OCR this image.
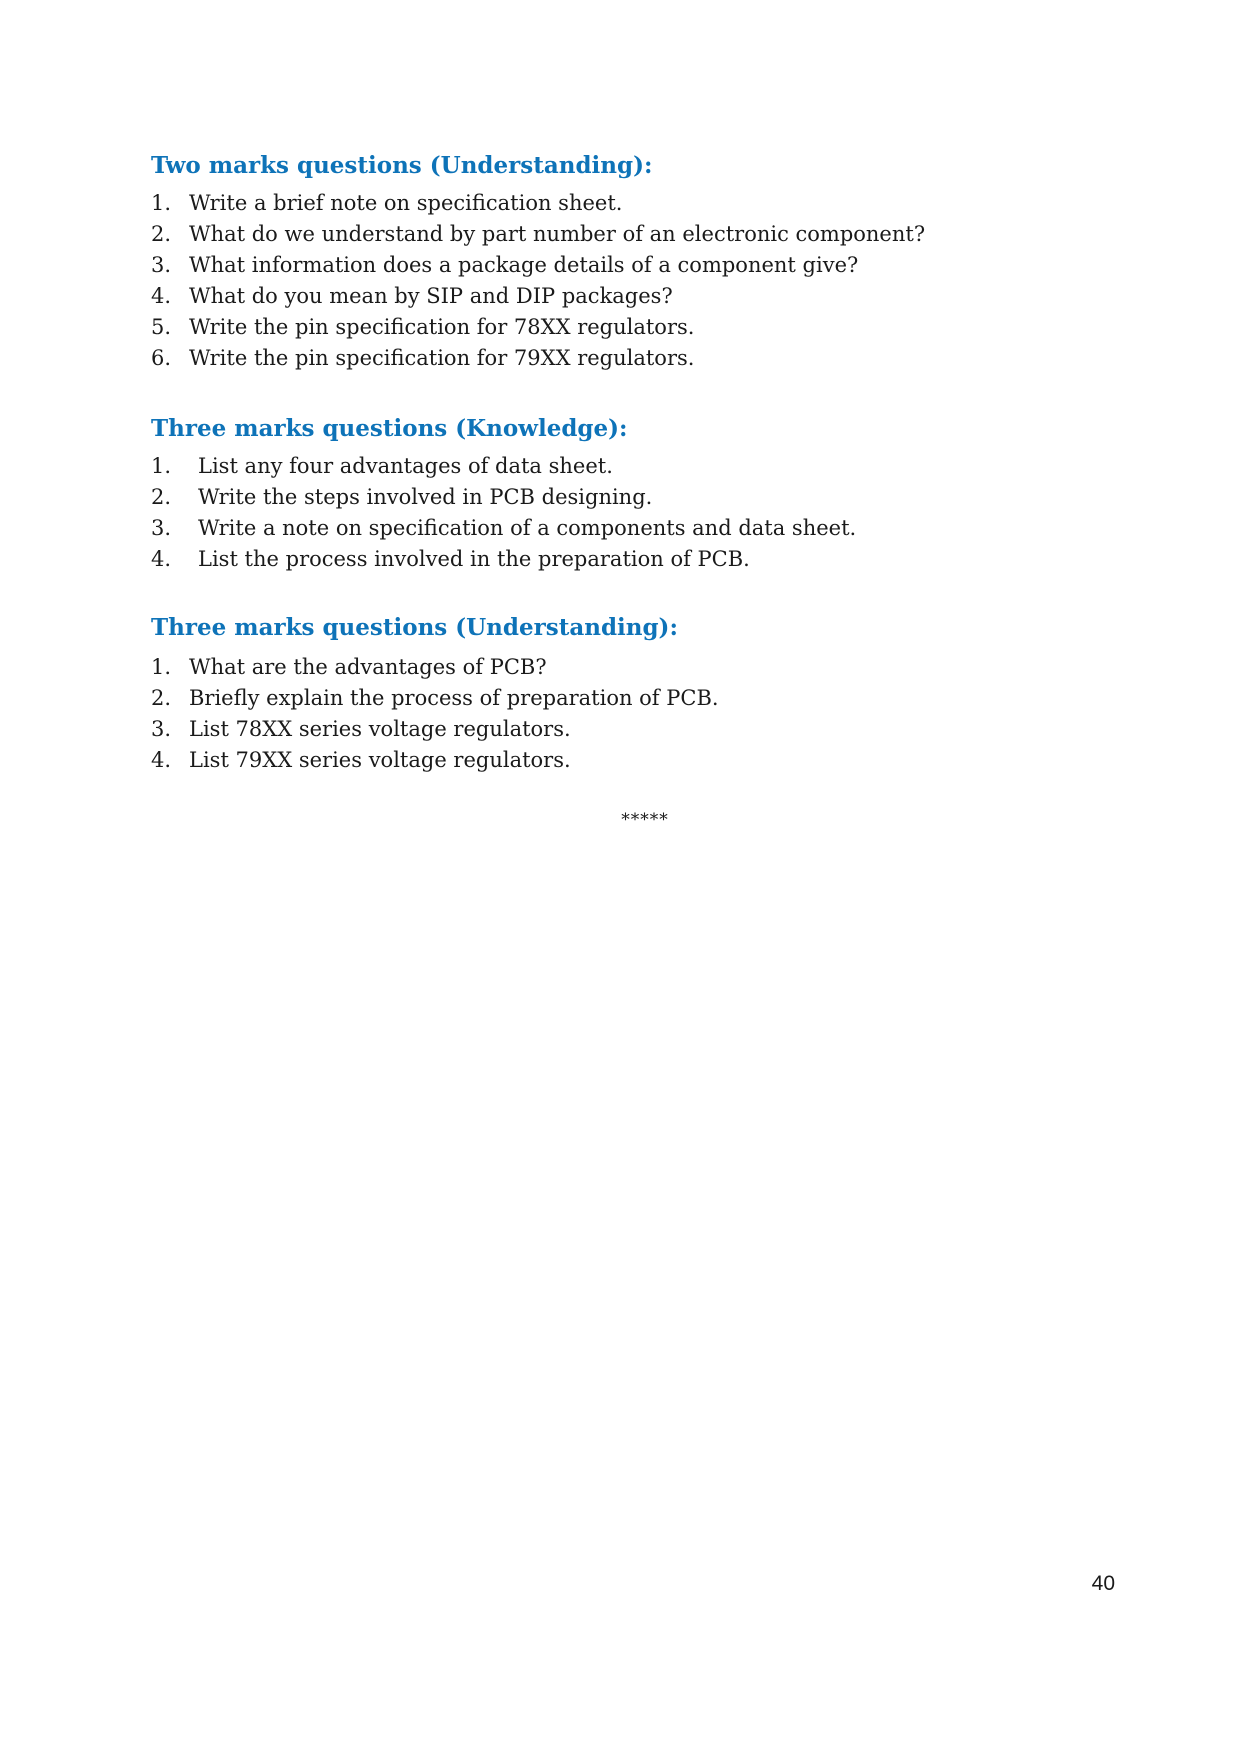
Two marks questions (Understanding):
1. Write a brief note on specification sheet.
2. What do we understand by part number of an electronic component?
3. What information does a package details of a component give?
4. What do you mean by SIP and DIP packages?
5. Write the pin specification for 78XX regulators.
6. Write the pin specification for 79XX regulators.
Three marks questions (Knowledge):
1.	List any four advantages of data sheet.
2.	Write the steps involved in PCB designing.
3.	Write a note on specification of a components and data sheet.
4.	List the process involved in the preparation of PCB.
Three marks questions (Understanding):
1. What are the advantages of PCB?
2. Briefly explain the process of preparation of PCB.
3. List 78XX series voltage regulators.
4. List 79XX series voltage regulators.
*****
40
